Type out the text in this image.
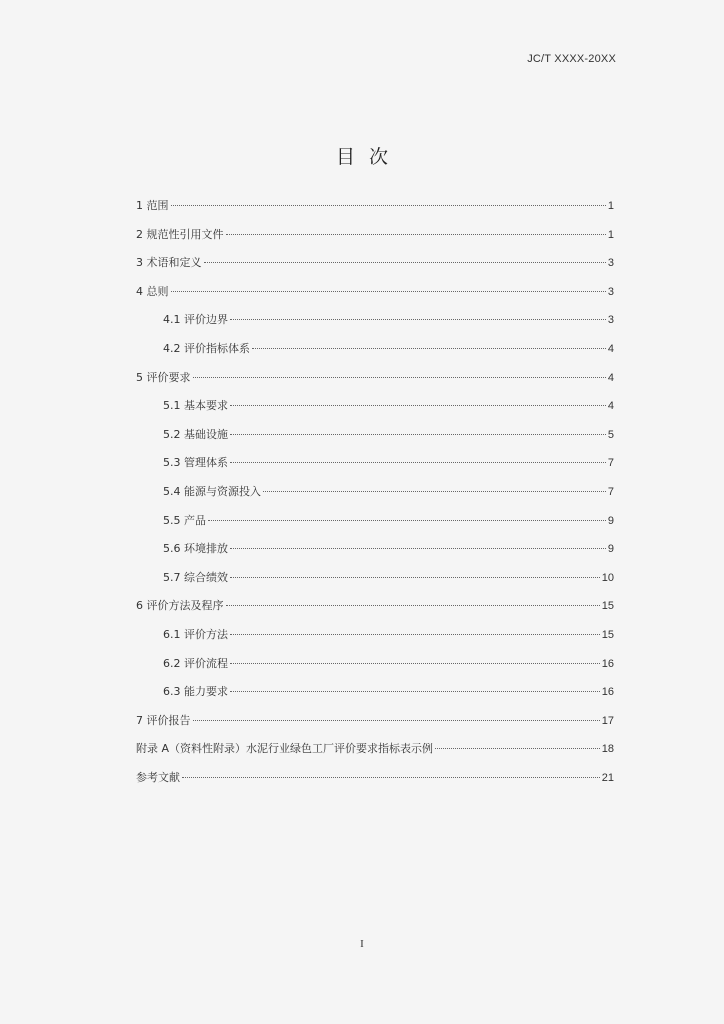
JC/T XXXX-20XX
目次
1 范围	1
2 规范性引用文件	1
3 术语和定义	3
4 总则	3
4.1 评价边界	3
4.2 评价指标体系	4
5 评价要求	4
5.1 基本要求	4
5.2 基础设施	5
5.3 管理体系	7
5.4 能源与资源投入	7
5.5 产品	9
5.6 环境排放	9
5.7 综合绩效	10
6 评价方法及程序	15
6.1 评价方法	15
6.2 评价流程	16
6.3 能力要求	16
7 评价报告	17
附录 A（资料性附录）水泥行业绿色工厂评价要求指标表示例	18
参考文献	21
I
